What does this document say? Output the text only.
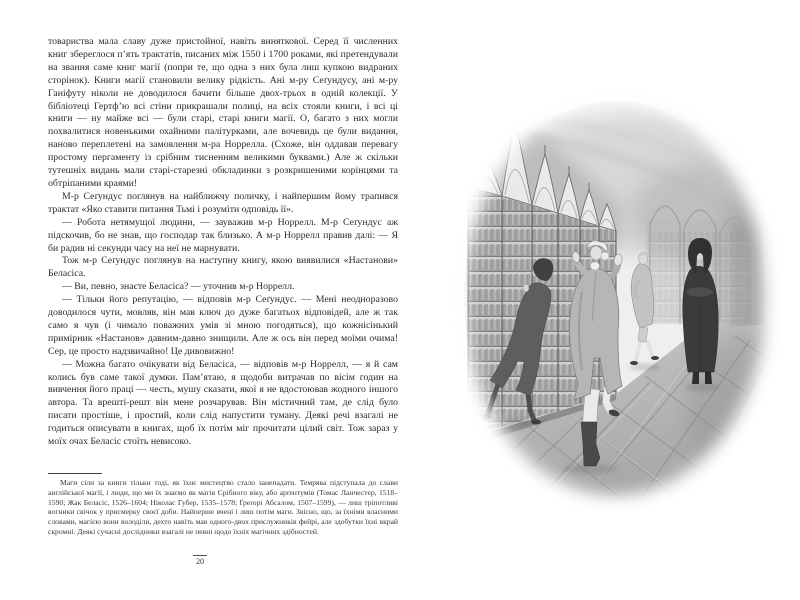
товариства мала славу дуже пристойної, навіть виняткової. Серед її численних книг збереглося п’ять трактатів, писаних між 1550 і 1700 роками, які претендували на звання саме книг магії (попри те, що одна з них була лиш купкою видраних сторінок). Книги магії становили велику рідкість. Ані м-ру Сеґундусу, ані м-ру Ганіфуту ніколи не доводилося бачити більше двох-трьох в одній колекції. У бібліотеці Гертф’ю всі стіни прикрашали полиці, на всіх стояли книги, і всі ці книги — ну майже всі — були старі, старі книги магії. О, багато з них могли похвалитися новенькими охайними палітурками, але вочевидь це були видання, наново переплетені на замовлення м-ра Норрелла. (Схоже, він оддавав перевагу простому пергаменту із срібним тисненням великими буквами.) Але ж скільки тутешніх видань мали старі-старезні обкладинки з розкришеними корінцями та обтріпаними краями!

М-р Сеґундус поглянув на найближчу поличку, і найпершим йому трапився трактат «Яко ставити питання Тьмі і розуміти одповідь її».

— Робота нетямущої людини, — зауважив м-р Норрелл. М-р Сеґундус аж підскочив, бо не знав, що господар так близько. А м-р Норрелл правив далі: — Я би радив ні секунди часу на неї не марнувати.

Тож м-р Сеґундус поглянув на наступну книгу, якою виявилися «Настанови» Беласіса.

— Ви, певно, знаєте Беласіса? — уточнив м-р Норрелл.

— Тільки його репутацію, — відповів м-р Сеґундус. — Мені неодноразово доводилося чути, мовляв, він мав ключ до дуже багатьох відповідей, але ж так само я чув (і чимало поважних умів зі мною погодяться), що кожнісінький примірник «Настанов» давним-давно знищили. Але ж ось він перед моїми очима! Сер, це просто надзвичайно! Це дивовижно!

— Можна багато очікувати від Беласіса, — відповів м-р Норрелл, — я й сам колись був саме такої думки. Пам’ятаю, я щодоби витрачав по вісім годин на вивчення його праці — честь, мушу сказати, якої я не вдостоював жодного іншого автора. Та врешті-решт він мене розчарував. Він містичний там, де слід було писати простіше, і простий, коли слід напустити туману. Деякі речі взагалі не годиться описувати в книгах, щоб їх потім міг прочитати цілий світ. Тож зараз у моїх очах Беласіс стоїть невисоко.

Маги сіли за книги тільки тоді, як їхнє мистецтво стало занепадати. Темрява підступала до слави англійської магії, і люди, що ми їх знаємо як магів Срібного віку, або арґентумів (Томас Ланчестер, 1518–1590; Жак Беласіс, 1526–1604; Ніколас Губер, 1535–1578; Ґреґорі Абсалом, 1507–1599), — лиш тріпотливі вогники свічок у присмерку своєї доби. Найперше вчені і лиш потім маги. Звісно, що, за їхніми власними словами, магією вони володіли, дехто навіть мав одного-двох прислужників фейрі, але здобутки їхні вкрай скромні. Деякі сучасні дослідники взагалі не певні щодо їхніх магічних здібностей.
20
